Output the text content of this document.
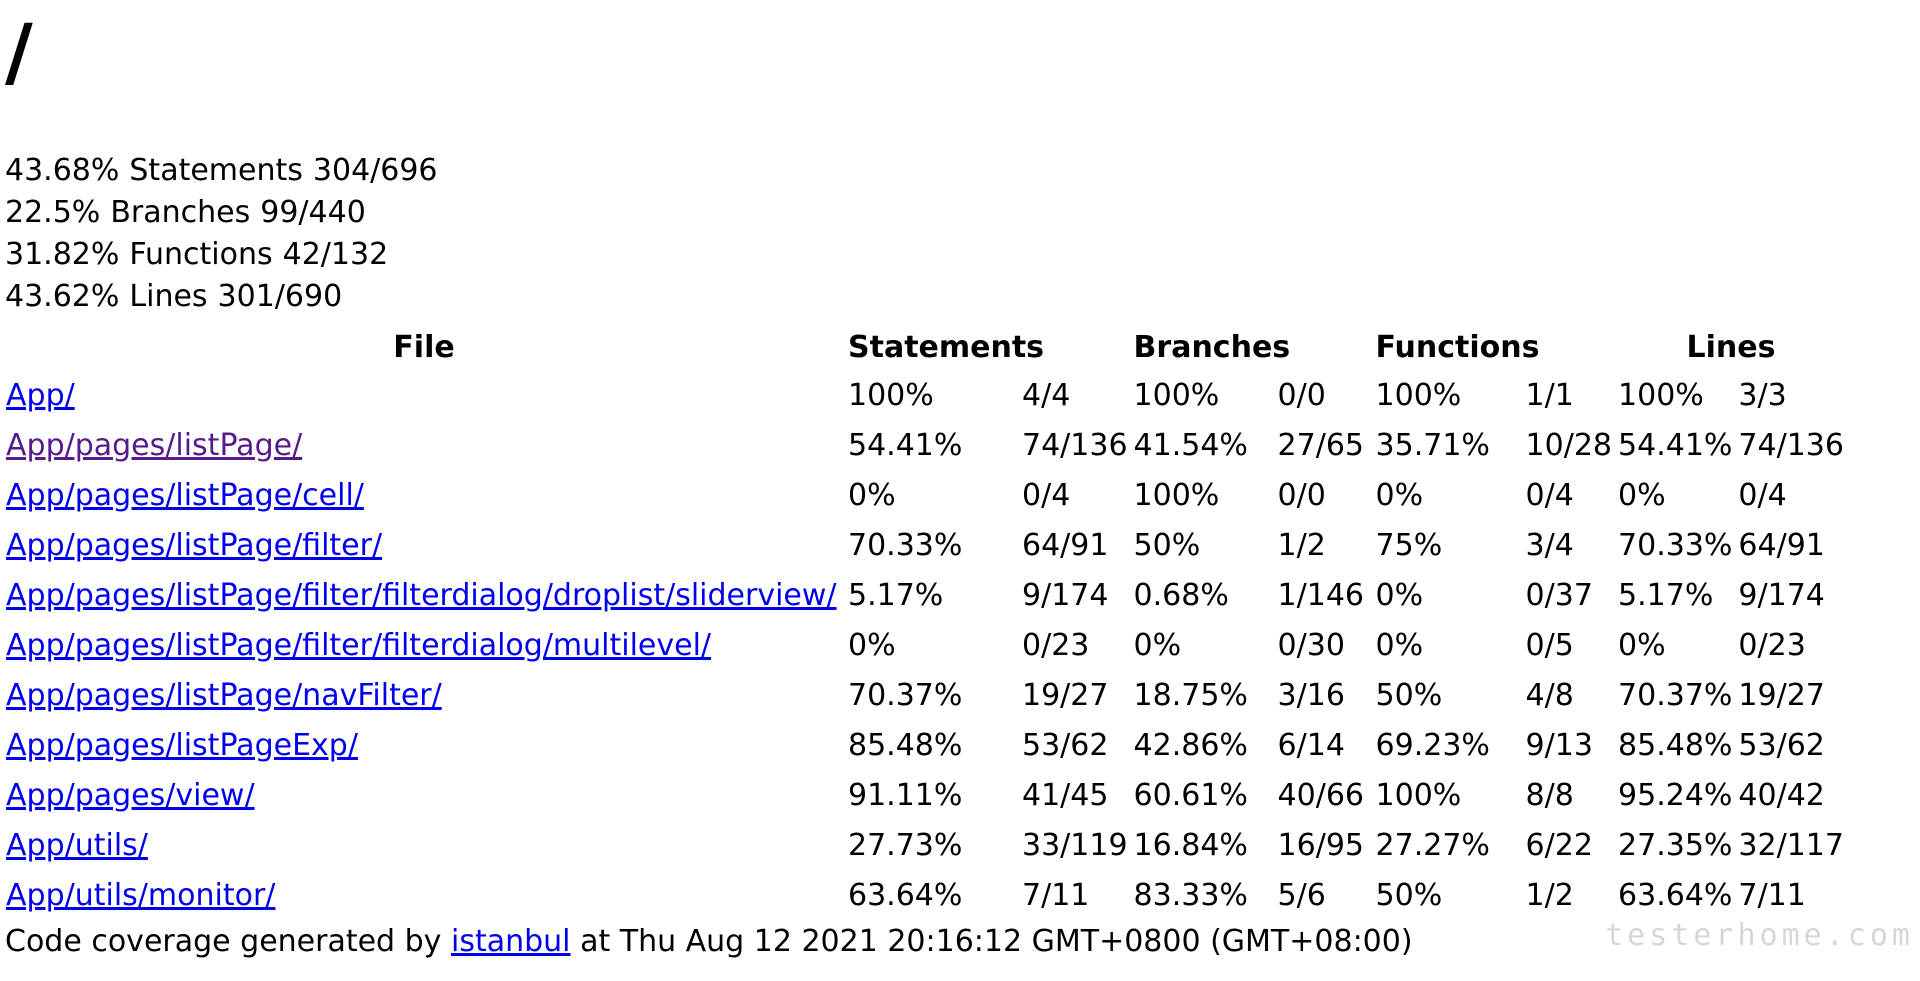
/
43.68% Statements 304/696
22.5% Branches 99/440
31.82% Functions 42/132
43.62% Lines 301/690
File	Statements		Branches		Functions		Lines	
App/	100%	4/4	100%	0/0	100%	1/1	100%	3/3
App/pages/listPage/	54.41%	74/136	41.54%	27/65	35.71%	10/28	54.41%	74/136
App/pages/listPage/cell/	0%	0/4	100%	0/0	0%	0/4	0%	0/4
App/pages/listPage/filter/	70.33%	64/91	50%	1/2	75%	3/4	70.33%	64/91
App/pages/listPage/filter/filterdialog/droplist/sliderview/	5.17%	9/174	0.68%	1/146	0%	0/37	5.17%	9/174
App/pages/listPage/filter/filterdialog/multilevel/	0%	0/23	0%	0/30	0%	0/5	0%	0/23
App/pages/listPage/navFilter/	70.37%	19/27	18.75%	3/16	50%	4/8	70.37%	19/27
App/pages/listPageExp/	85.48%	53/62	42.86%	6/14	69.23%	9/13	85.48%	53/62
App/pages/view/	91.11%	41/45	60.61%	40/66	100%	8/8	95.24%	40/42
App/utils/	27.73%	33/119	16.84%	16/95	27.27%	6/22	27.35%	32/117
App/utils/monitor/	63.64%	7/11	83.33%	5/6	50%	1/2	63.64%	7/11
Code coverage generated by istanbul at Thu Aug 12 2021 20:16:12 GMT+0800 (GMT+08:00)	testerhome.com
